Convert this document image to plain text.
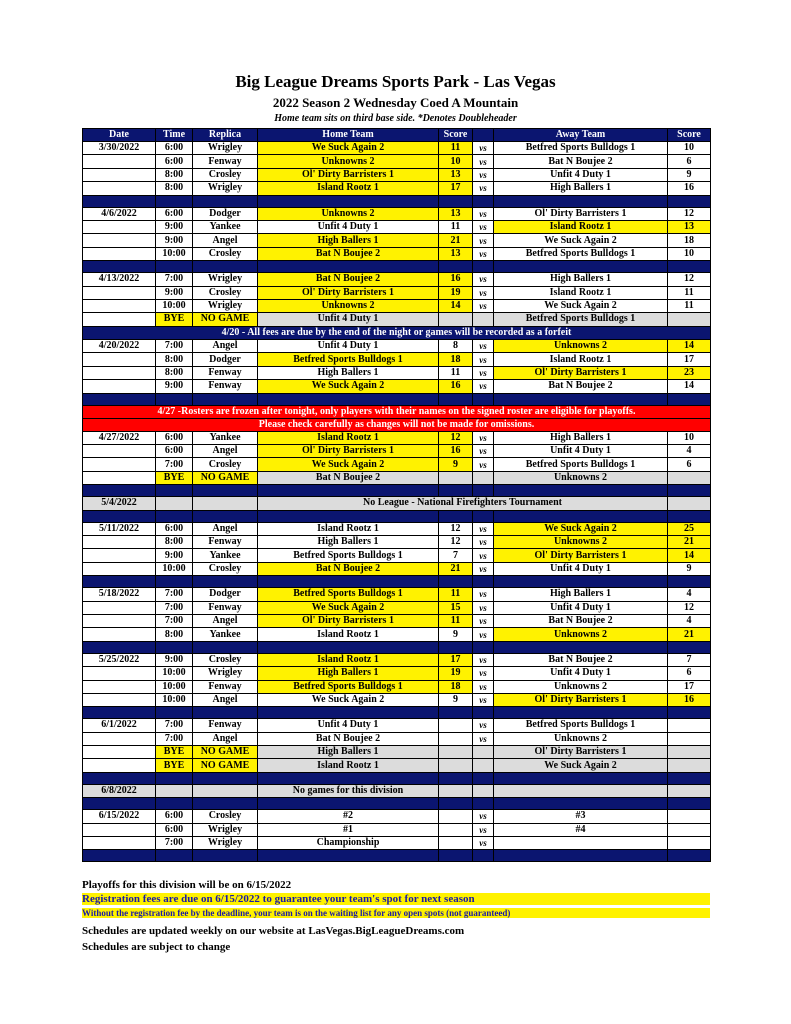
Big League Dreams Sports Park - Las Vegas
2022 Season 2 Wednesday Coed A Mountain
Home team sits on third base side. *Denotes Doubleheader
Date	Time	Replica	Home Team	Score		Away Team	Score
3/30/2022	6:00	Wrigley	We Suck Again 2	11	vs	Betfred Sports Bulldogs 1	10
	6:00	Fenway	Unknowns 2	10	vs	Bat N Boujee 2	6
	8:00	Crosley	Ol' Dirty Barristers 1	13	vs	Unfit 4 Duty 1	9
	8:00	Wrigley	Island Rootz 1	17	vs	High Ballers 1	16

4/6/2022	6:00	Dodger	Unknowns 2	13	vs	Ol' Dirty Barristers 1	12
	9:00	Yankee	Unfit 4 Duty 1	11	vs	Island Rootz 1	13
	9:00	Angel	High Ballers 1	21	vs	We Suck Again 2	18
	10:00	Crosley	Bat N Boujee 2	13	vs	Betfred Sports Bulldogs 1	10

4/13/2022	7:00	Wrigley	Bat N Boujee 2	16	vs	High Ballers 1	12
	9:00	Crosley	Ol' Dirty Barristers 1	19	vs	Island Rootz 1	11
	10:00	Wrigley	Unknowns 2	14	vs	We Suck Again 2	11
	BYE	NO GAME	Unfit 4 Duty 1			Betfred Sports Bulldogs 1	
4/20 - All fees are due by the end of the night or games will be recorded as a forfeit							
4/20/2022	7:00	Angel	Unfit 4 Duty 1	8	vs	Unknowns 2	14
	8:00	Dodger	Betfred Sports Bulldogs 1	18	vs	Island Rootz 1	17
	8:00	Fenway	High Ballers 1	11	vs	Ol' Dirty Barristers 1	23
	9:00	Fenway	We Suck Again 2	16	vs	Bat N Boujee 2	14

4/27 -Rosters are frozen after tonight, only players with their names on the signed roster are eligible for playoffs.							
Please check carefully as changes will not be made for omissions.							
4/27/2022	6:00	Yankee	Island Rootz 1	12	vs	High Ballers 1	10
	6:00	Angel	Ol' Dirty Barristers 1	16	vs	Unfit 4 Duty 1	4
	7:00	Crosley	We Suck Again 2	9	vs	Betfred Sports Bulldogs 1	6
	BYE	NO GAME	Bat N Boujee 2			Unknowns 2	

5/4/2022			No League - National Firefighters Tournament				

5/11/2022	6:00	Angel	Island Rootz 1	12	vs	We Suck Again 2	25
	8:00	Fenway	High Ballers 1	12	vs	Unknowns 2	21
	9:00	Yankee	Betfred Sports Bulldogs 1	7	vs	Ol' Dirty Barristers 1	14
	10:00	Crosley	Bat N Boujee 2	21	vs	Unfit 4 Duty 1	9

5/18/2022	7:00	Dodger	Betfred Sports Bulldogs 1	11	vs	High Ballers 1	4
	7:00	Fenway	We Suck Again 2	15	vs	Unfit 4 Duty 1	12
	7:00	Angel	Ol' Dirty Barristers 1	11	vs	Bat N Boujee 2	4
	8:00	Yankee	Island Rootz 1	9	vs	Unknowns 2	21

5/25/2022	9:00	Crosley	Island Rootz 1	17	vs	Bat N Boujee 2	7
	10:00	Wrigley	High Ballers 1	19	vs	Unfit 4 Duty 1	6
	10:00	Fenway	Betfred Sports Bulldogs 1	18	vs	Unknowns 2	17
	10:00	Angel	We Suck Again 2	9	vs	Ol' Dirty Barristers 1	16

6/1/2022	7:00	Fenway	Unfit 4 Duty 1		vs	Betfred Sports Bulldogs 1	
	7:00	Angel	Bat N Boujee 2		vs	Unknowns 2	
	BYE	NO GAME	High Ballers 1			Ol' Dirty Barristers 1	
	BYE	NO GAME	Island Rootz 1			We Suck Again 2	

6/8/2022			No games for this division				

6/15/2022	6:00	Crosley	#2		vs	#3	
	6:00	Wrigley	#1		vs	#4	
	7:00	Wrigley	Championship		vs		

Playoffs for this division will be on 6/15/2022
Registration fees are due on 6/15/2022 to guarantee your team's spot for next season
Without the registration fee by the deadline, your team is on the waiting list for any open spots (not guaranteed)
Schedules are updated weekly on our website at LasVegas.BigLeagueDreams.com
Schedules are subject to change
